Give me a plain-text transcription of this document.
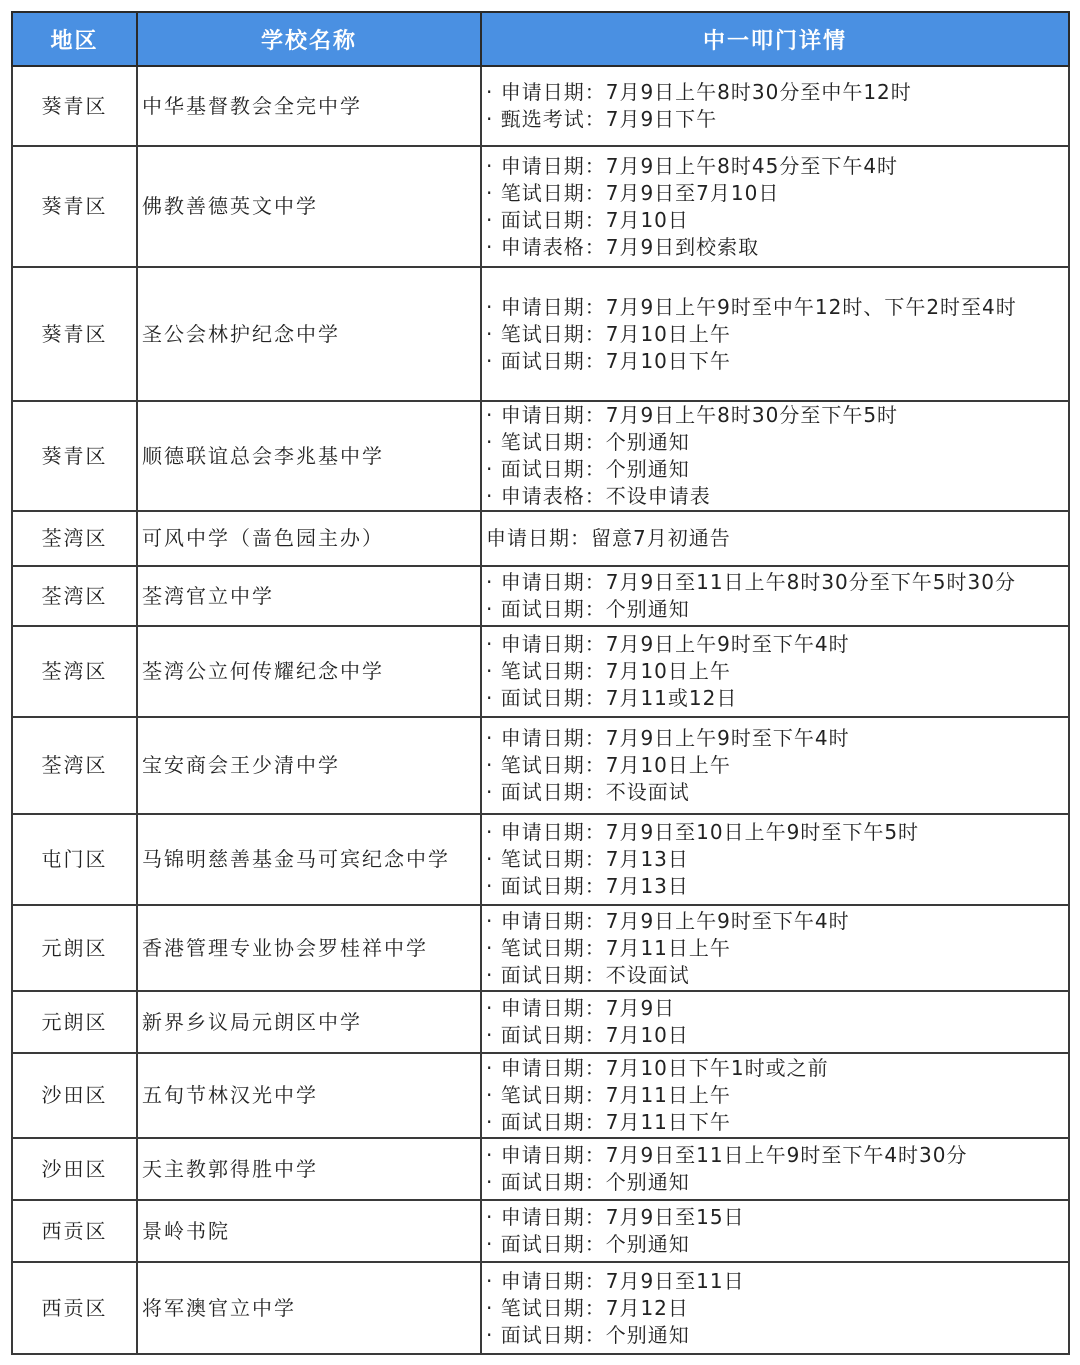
地区	学校名称	中一叩门详情
葵青区	中华基督教会全完中学	· 申请日期：7月9日上午8时30分至中午12时
· 甄选考试：7月9日下午

葵青区	佛教善德英文中学	· 申请日期：7月9日上午8时45分至下午4时
· 笔试日期：7月9日至7月10日
· 面试日期：7月10日
· 申请表格：7月9日到校索取

葵青区	圣公会林护纪念中学	· 申请日期：7月9日上午9时至中午12时、下午2时至4时
· 笔试日期：7月10日上午
· 面试日期：7月10日下午

葵青区	顺德联谊总会李兆基中学	· 申请日期：7月9日上午8时30分至下午5时
· 笔试日期：个别通知
· 面试日期：个别通知
· 申请表格：不设申请表

荃湾区	可风中学（啬色园主办）	申请日期：留意7月初通告

荃湾区	荃湾官立中学	· 申请日期：7月9日至11日上午8时30分至下午5时30分
· 面试日期：个别通知

荃湾区	荃湾公立何传耀纪念中学	· 申请日期：7月9日上午9时至下午4时
· 笔试日期：7月10日上午
· 面试日期：7月11或12日

荃湾区	宝安商会王少清中学	· 申请日期：7月9日上午9时至下午4时
· 笔试日期：7月10日上午
· 面试日期：不设面试

屯门区	马锦明慈善基金马可宾纪念中学	· 申请日期：7月9日至10日上午9时至下午5时
· 笔试日期：7月13日
· 面试日期：7月13日

元朗区	香港管理专业协会罗桂祥中学	· 申请日期：7月9日上午9时至下午4时
· 笔试日期：7月11日上午
· 面试日期：不设面试

元朗区	新界乡议局元朗区中学	· 申请日期：7月9日
· 面试日期：7月10日

沙田区	五旬节林汉光中学	· 申请日期：7月10日下午1时或之前
· 笔试日期：7月11日上午
· 面试日期：7月11日下午

沙田区	天主教郭得胜中学	· 申请日期：7月9日至11日上午9时至下午4时30分
· 面试日期：个别通知

西贡区	景岭书院	· 申请日期：7月9日至15日
· 面试日期：个别通知

西贡区	将军澳官立中学	· 申请日期：7月9日至11日
· 笔试日期：7月12日
· 面试日期：个别通知
